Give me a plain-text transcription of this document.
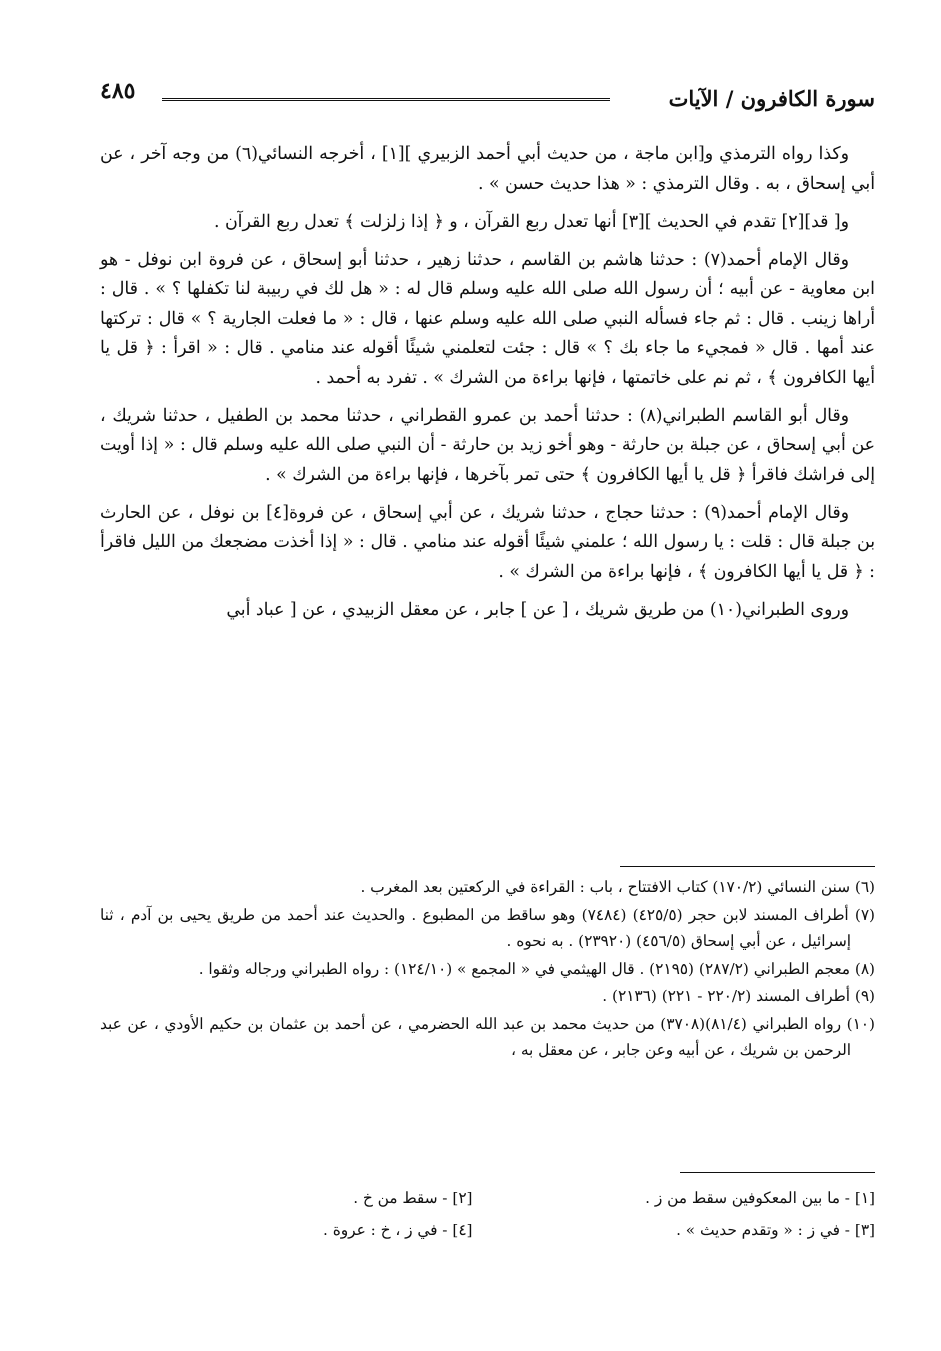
سورة الكافرون / الآيات
٤٨٥

وكذا رواه الترمذي و[ابن ماجة ، من حديث أبي أحمد الزبيري ][١] ، أخرجه النسائي(٦) من وجه آخر ، عن أبي إسحاق ، به . وقال الترمذي : « هذا حديث حسن » .

و[ قد][٢] تقدم في الحديث ][٣] أنها تعدل ربع القرآن ، و ﴿ إذا زلزلت ﴾ تعدل ربع القرآن .

وقال الإمام أحمد(٧) : حدثنا هاشم بن القاسم ، حدثنا زهير ، حدثنا أبو إسحاق ، عن فروة ابن نوفل - هو ابن معاوية - عن أبيه ؛ أن رسول الله صلى الله عليه وسلم قال له : « هل لك في ربيبة لنا تكفلها ؟ » . قال : أراها زينب . قال : ثم جاء فسأله النبي صلى الله عليه وسلم عنها ، قال : « ما فعلت الجارية ؟ » قال : تركتها عند أمها . قال « فمجيء ما جاء بك ؟ » قال : جئت لتعلمني شيئًا أقوله عند منامي . قال : « اقرأ : ﴿ قل يا أيها الكافرون ﴾ ، ثم نم على خاتمتها ، فإنها براءة من الشرك » . تفرد به أحمد .

وقال أبو القاسم الطبراني(٨) : حدثنا أحمد بن عمرو القطراني ، حدثنا محمد بن الطفيل ، حدثنا شريك ، عن أبي إسحاق ، عن جبلة بن حارثة - وهو أخو زيد بن حارثة - أن النبي صلى الله عليه وسلم قال : « إذا أويت إلى فراشك فاقرأ ﴿ قل يا أيها الكافرون ﴾ حتى تمر بآخرها ، فإنها براءة من الشرك » .

وقال الإمام أحمد(٩) : حدثنا حجاج ، حدثنا شريك ، عن أبي إسحاق ، عن فروة[٤] بن نوفل ، عن الحارث بن جبلة قال : قلت : يا رسول الله ؛ علمني شيئًا أقوله عند منامي . قال : « إذا أخذت مضجعك من الليل فاقرأ : ﴿ قل يا أيها الكافرون ﴾ ، فإنها براءة من الشرك » .

وروى الطبراني(١٠) من طريق شريك ، [ عن ] جابر ، عن معقل الزبيدي ، عن [ عباد أبي

(٦) سنن النسائي (١٧٠/٢) كتاب الافتتاح ، باب : القراءة في الركعتين بعد المغرب .
(٧) أطراف المسند لابن حجر (٤٢٥/٥) (٧٤٨٤) وهو ساقط من المطبوع . والحديث عند أحمد من طريق يحيى بن آدم ، ثنا إسرائيل ، عن أبي إسحاق (٤٥٦/٥) (٢٣٩٢٠) . به نحوه .
(٨) معجم الطبراني (٢٨٧/٢) (٢١٩٥) . قال الهيثمي في « المجمع » (١٢٤/١٠) : رواه الطبراني ورجاله وثقوا .
(٩) أطراف المسند (٢٢٠/٢ - ٢٢١) (٢١٣٦) .
(١٠) رواه الطبراني (٨١/٤)(٣٧٠٨) من حديث محمد بن عبد الله الحضرمي ، عن أحمد بن عثمان بن حكيم الأودي ، عن عبد الرحمن بن شريك ، عن أبيه وعن جابر ، عن معقل به ،
[١] - ما بين المعكوفين سقط من ز .
[٢] - سقط من خ .
[٣] - في ز : « وتقدم حديث » .
[٤] - في ز ، خ : عروة .
